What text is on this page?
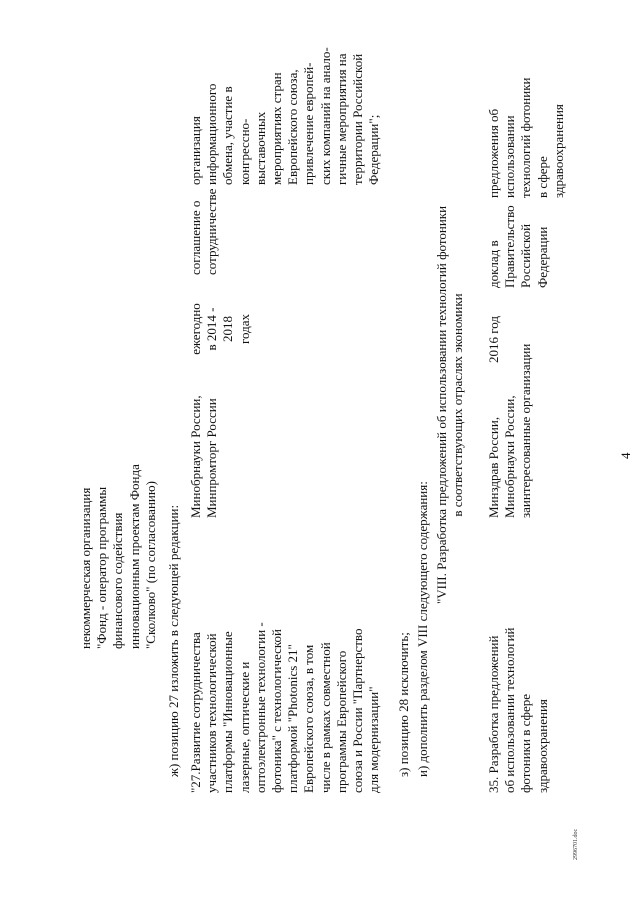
4
некоммерческая организация "Фонд - оператор программы финансового содействия инновационным проектам Фонда "Сколково" (по согласованию) ж) позицию 27 изложить в следующей редакции: "27.Развитие сотрудничества участников технологической платформы "Инновационные лазерные, оптические и оптоэлектронные технологии - фотоника" с технологической платформой "Photonics 21" Европейского союза, в том числе в рамках совместной программы Европейского союза и России "Партнерство для модернизации"
Минобрнауки России, Минпромторг России
ежегодно в 2014 - 2018 годах
соглашение о сотрудничестве
организация информационного обмена, участие в конгрессно- выставочных мероприятиях стран Европейского союза, привлечение европей- ских компаний на анало- гичные мероприятия на территории Российской Федерации";
з) позицию 28 исключить; и) дополнить разделом VIII следующего содержания:
"VIII. Разработка предложений об использовании технологий фотоники в соответствующих отраслях экономики
35. Разработка предложений об использовании технологий фотоники в сфере здравоохранения
Минздрав России, Минобрнауки России, заинтересованные организации
2016 год
доклад в Правительство Российской Федерации
предложения об использовании технологий фотоники в сфере здравоохранения
2996701.doc
